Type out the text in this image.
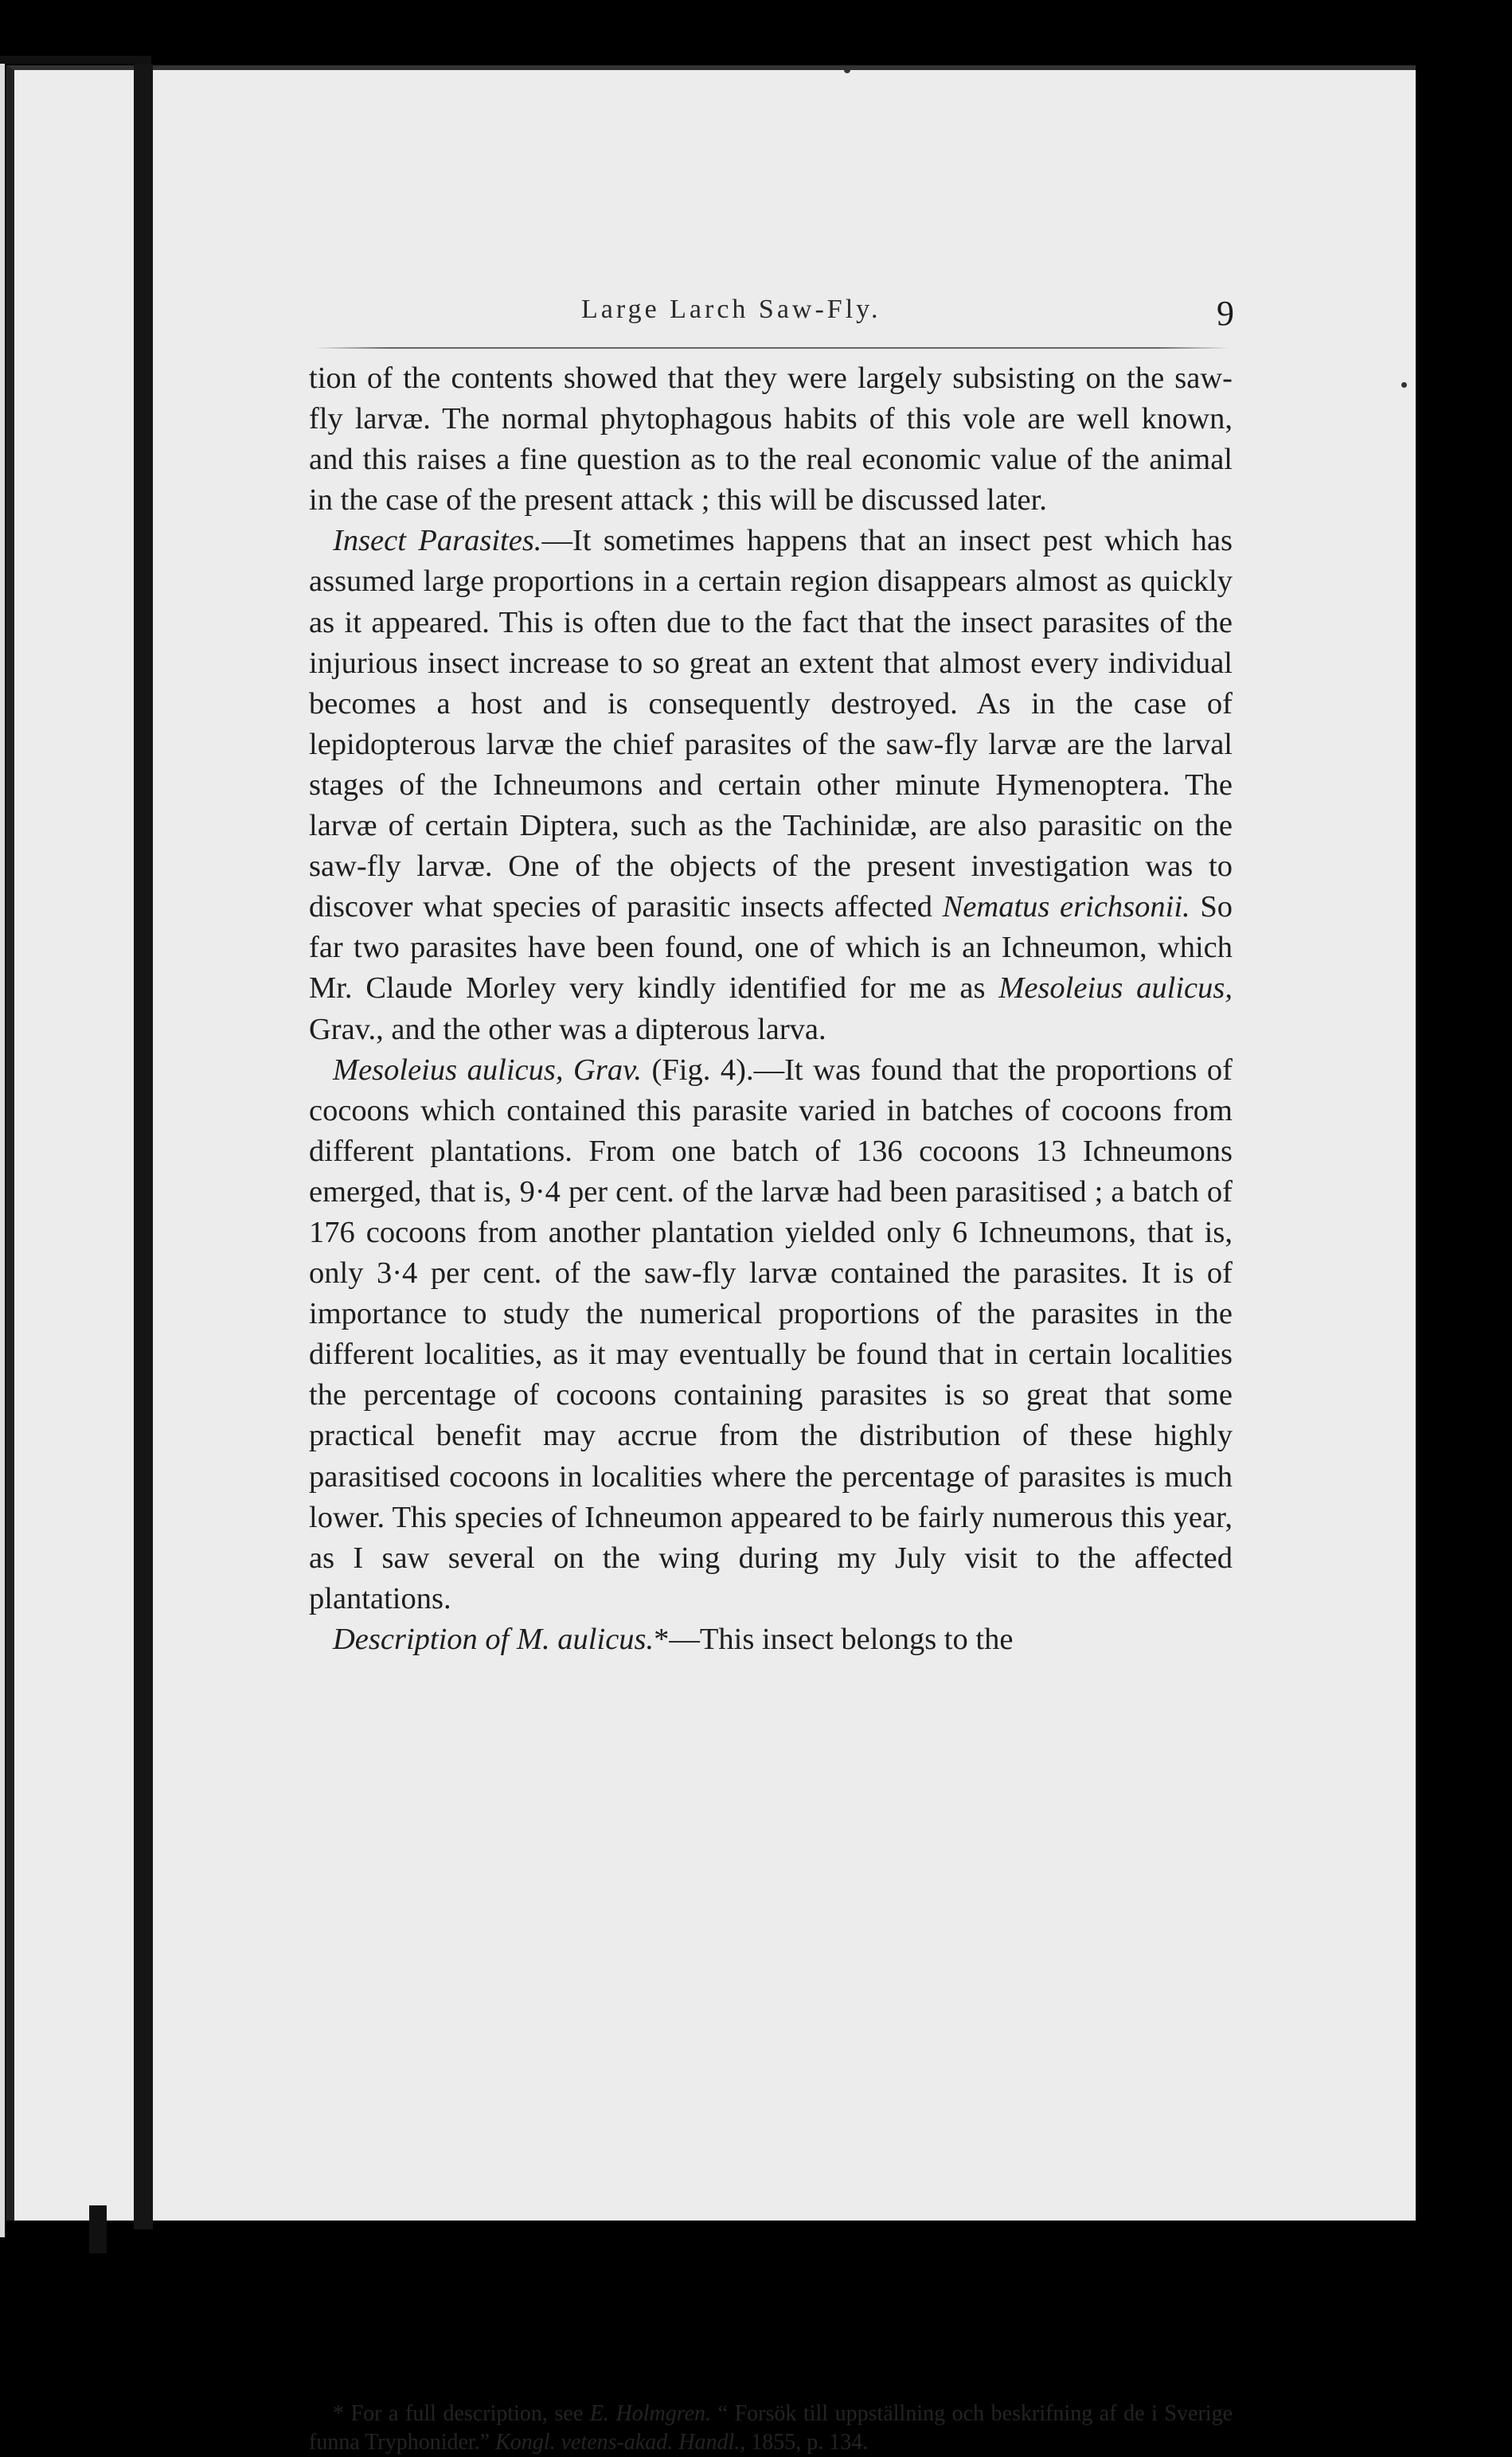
Large Larch Saw-Fly.	9

tion of the contents showed that they were largely subsisting on the saw-fly larvæ. The normal phytophagous habits of this vole are well known, and this raises a fine question as to the real economic value of the animal in the case of the present attack ; this will be discussed later.

Insect Parasites.—It sometimes happens that an insect pest which has assumed large proportions in a certain region disappears almost as quickly as it appeared. This is often due to the fact that the insect parasites of the injurious insect increase to so great an extent that almost every individual becomes a host and is consequently destroyed. As in the case of lepidopterous larvæ the chief parasites of the saw-fly larvæ are the larval stages of the Ichneumons and certain other minute Hymenoptera. The larvæ of certain Diptera, such as the Tachinidæ, are also parasitic on the saw-fly larvæ. One of the objects of the present investigation was to discover what species of parasitic insects affected Nematus erichsonii. So far two parasites have been found, one of which is an Ichneumon, which Mr. Claude Morley very kindly identified for me as Mesoleius aulicus, Grav., and the other was a dipterous larva.

Mesoleius aulicus, Grav. (Fig. 4).—It was found that the proportions of cocoons which contained this parasite varied in batches of cocoons from different plantations. From one batch of 136 cocoons 13 Ichneumons emerged, that is, 9·4 per cent. of the larvæ had been parasitised ; a batch of 176 cocoons from another plantation yielded only 6 Ichneumons, that is, only 3·4 per cent. of the saw-fly larvæ contained the parasites. It is of importance to study the numerical proportions of the parasites in the different localities, as it may eventually be found that in certain localities the percentage of cocoons containing parasites is so great that some practical benefit may accrue from the distribution of these highly parasitised cocoons in localities where the percentage of parasites is much lower. This species of Ichneumon appeared to be fairly numerous this year, as I saw several on the wing during my July visit to the affected plantations.

Description of M. aulicus.*—This insect belongs to the

* For a full description, see E. Holmgren. “ Forsök till uppställning och beskrifning af de i Sverige funna Tryphonider.” Kongl. vetens-akad. Handl., 1855, p. 134.
